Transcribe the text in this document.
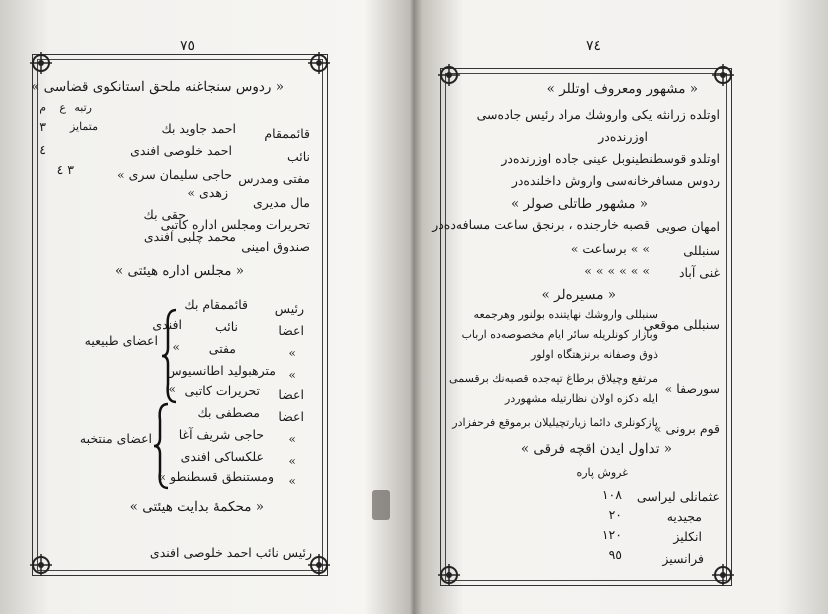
٧٥
« ردوس سنجاغنه ملحق استانكوی قضاسی »
رتبه
ع
م
قائممقام
احمد جاوید بك
متمایز
٣
نائب
احمد خلوصی افندی
٤
مفتی ومدرس
حاجی سلیمان سری »
٣ ٤
مال مدیری
زهدی »
تحریرات ومجلس اداره كاتبی
حقی بك
صندوق امینی
محمد چلبی افندی
« مجلس اداره هیئتی »
رئیس
قائممقام بك
اعضا
نائب
افندی
»
مفتی
»
»
مترهبولید اطانسیوس
اعضا
تحریرات كاتبی
»
اعضای طبیعیه
اعضا
مصطفی بك
»
حاجی شریف آغا
»
علكساكی افندی
»
ومستنطق قسطنطو »
اعضای منتخبه
« محكمهٔ بدایت هیئتی »
رئیس نائب احمد خلوصی افندی
٧٤
« مشهور ومعروف اوتللر »
اوتلده زرانثه یكی وارو‌شك مراد رئیس جاده‌سی
اوزرنده‌در
اوتلدو قوسطنطینوبل عینی جاده اوزرنده‌در
ردوس مسافرخانه‌سی واروش داخلنده‌در
« مشهور طاتلی صولر »
امهان صویی
قصبه خارجنده ، برنجق ساعت مسافه‌ده‌در
سنبللی
» » برساعت »
غنی آباد
» » » » » »
« مسیره‌لر »
سنبللی موقعی
سنبللی واروشك نهایتنده بولنور وهرجمعه
وبازار كونلریله سائر ایام مخصوصه‌ده ارباب
ذوق وصفانه برنزهتگاه اولور
سورصفا »
مرتفع وچیلاق برطاغ تپه‌جده قصبه‌نك برقسمی
ایله دكزه اولان نظارتیله مشهوردر
قوم برونی »
یازكونلری دائما زیارتچیلیلان برموقع فرحفزادر
« تداول ایدن اقچه فرقی »
غروش پاره
عثمانلی لیراسی
١٠٨
مجیدیه
٢٠
انكلیز
١٢٠
فرانسیز
٩٥
